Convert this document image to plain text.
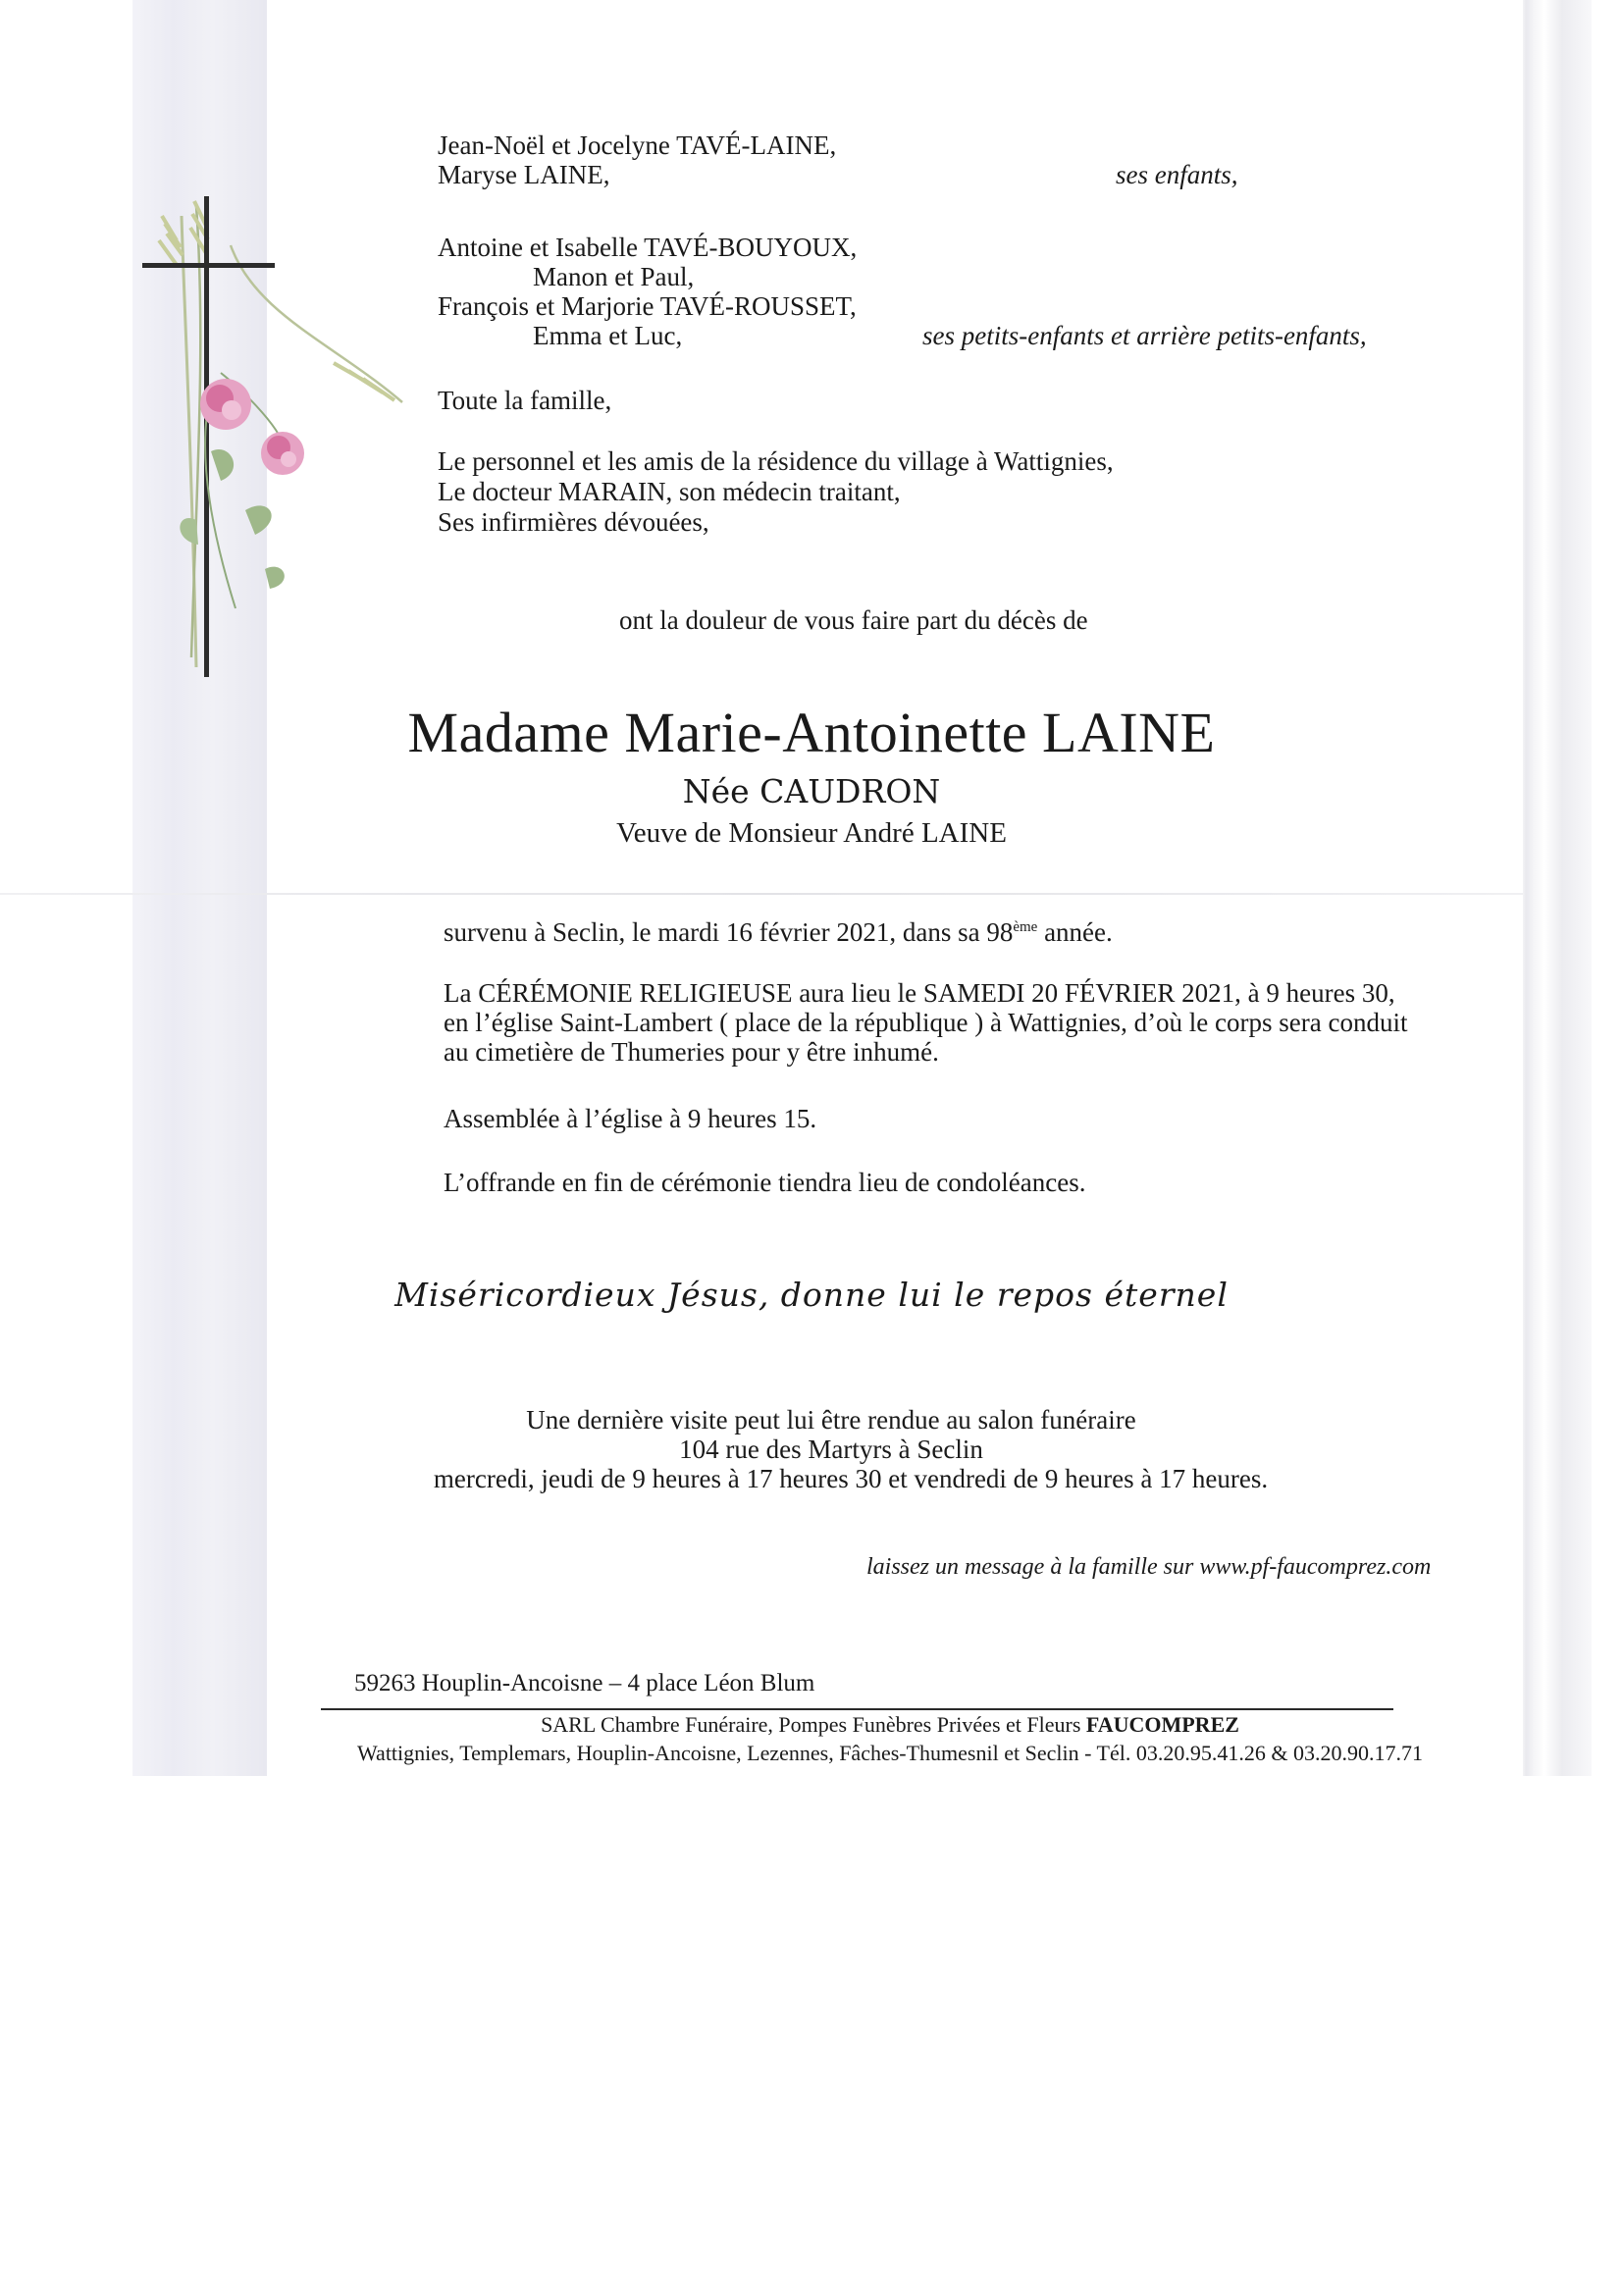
Jean-Noël et Jocelyne TAVÉ-LAINE,
Maryse LAINE,	ses enfants,
Antoine et Isabelle TAVÉ-BOUYOUX,
Manon et Paul,
François et Marjorie TAVÉ-ROUSSET,
Emma et Luc,	ses petits-enfants et arrière petits-enfants,
Toute la famille,
Le personnel et les amis de la résidence du village à Wattignies,
Le docteur MARAIN, son médecin traitant,
Ses infirmières dévouées,
ont la douleur de vous faire part du décès de
Madame Marie-Antoinette LAINE
Née CAUDRON
Veuve de Monsieur André LAINE
survenu à Seclin, le mardi 16 février 2021, dans sa 98ème année.
La CÉRÉMONIE RELIGIEUSE aura lieu le SAMEDI 20 FÉVRIER 2021, à 9 heures 30,
en l’église Saint-Lambert ( place de la république ) à Wattignies, d’où le corps sera conduit
au cimetière de Thumeries pour y être inhumé.
Assemblée à l’église à 9 heures 15.
L’offrande en fin de cérémonie tiendra lieu de condoléances.
Miséricordieux Jésus, donne lui le repos éternel
Une dernière visite peut lui être rendue au salon funéraire
104 rue des Martyrs à Seclin
mercredi, jeudi de 9 heures à 17 heures 30 et vendredi de 9 heures à 17 heures.
laissez un message à la famille sur www.pf-faucomprez.com
59263 Houplin-Ancoisne – 4 place Léon Blum
SARL Chambre Funéraire, Pompes Funèbres Privées et Fleurs FAUCOMPREZ
Wattignies, Templemars, Houplin-Ancoisne, Lezennes, Fâches-Thumesnil et Seclin - Tél. 03.20.95.41.26 & 03.20.90.17.71
